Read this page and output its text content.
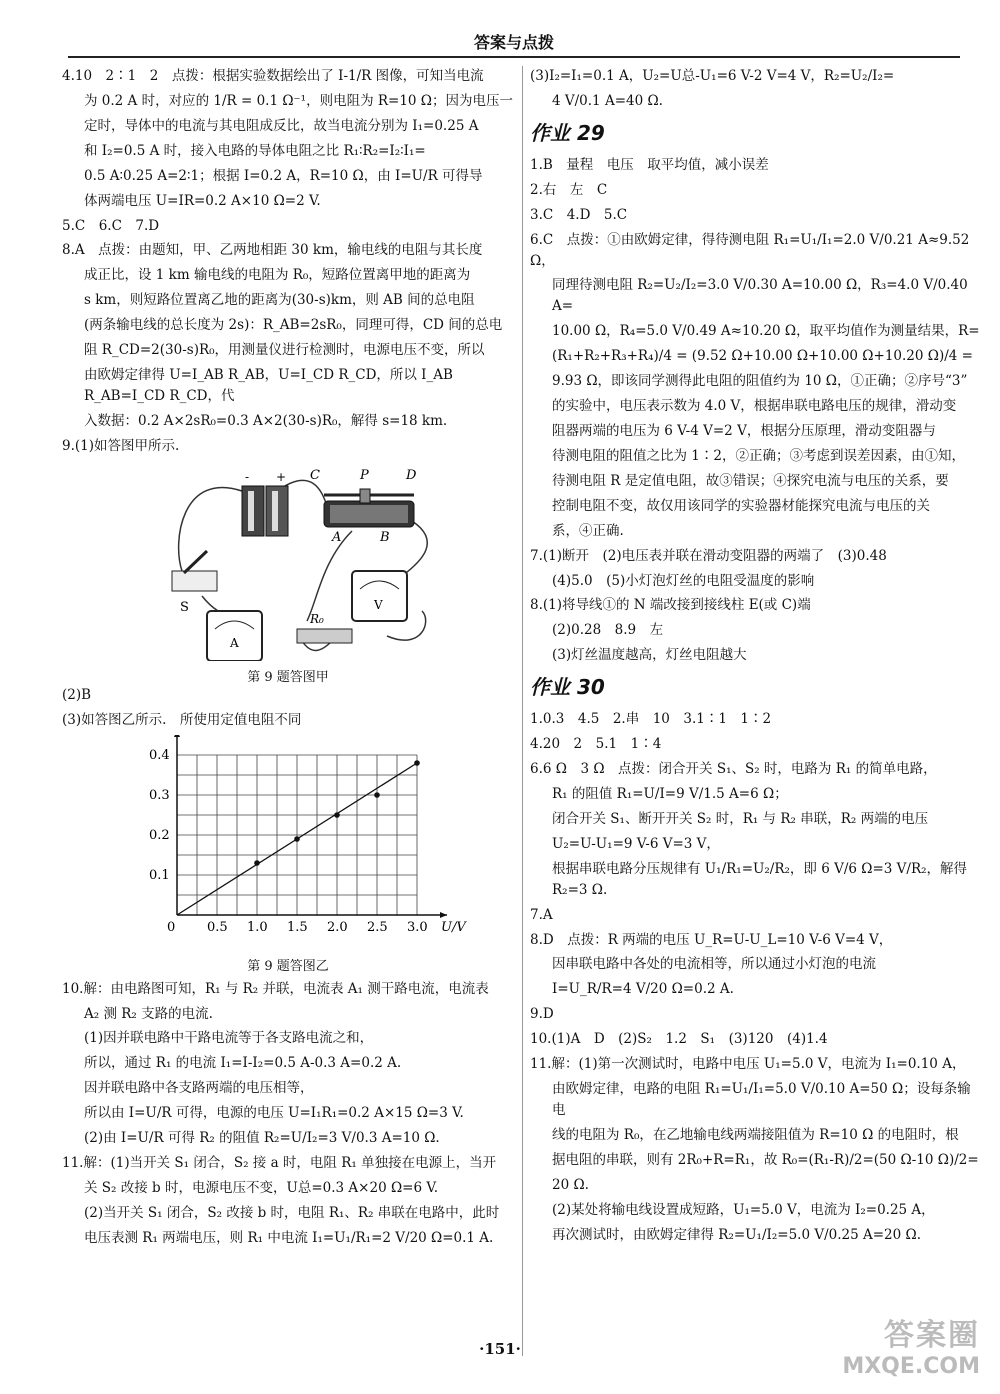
答案与点拨

4.10　2∶1　2　点拨：根据实验数据绘出了 I-1/R 图像，可知当电流

为 0.2 A 时，对应的 1/R = 0.1 Ω⁻¹，则电阻为 R=10 Ω；因为电压一

定时，导体中的电流与其电阻成反比，故当电流分别为 I₁=0.25 A

和 I₂=0.5 A 时，接入电路的导体电阻之比 R₁∶R₂=I₂∶I₁=

0.5 A∶0.25 A=2∶1；根据 I=0.2 A，R=10 Ω，由 I=U/R 可得导

体两端电压 U=IR=0.2 A×10 Ω=2 V.

5.C　6.C　7.D

8.A　点拨：由题知，甲、乙两地相距 30 km，输电线的电阻与其长度

成正比，设 1 km 输电线的电阻为 R₀，短路位置离甲地的距离为

s km，则短路位置离乙地的距离为(30-s)km，则 AB 间的总电阻

(两条输电线的总长度为 2s)：R_AB=2sR₀，同理可得，CD 间的总电

阻 R_CD=2(30-s)R₀，用测量仪进行检测时，电源电压不变，所以

由欧姆定律得 U=I_AB R_AB，U=I_CD R_CD，所以 I_AB R_AB=I_CD R_CD，代

入数据：0.2 A×2sR₀=0.3 A×2(30-s)R₀，解得 s=18 km.

9.(1)如答图甲所示.

- + C	P	D
A	B
S	V
A
R₀
第 9 题答图甲

(2)B

(3)如答图乙所示.　所使用定值电阻不同

0 0.5 1.0 1.5 2.0 2.5 3.0
0.1
0.2
0.3
0.4
U/V
第 9 题答图乙

10.解：由电路图可知，R₁ 与 R₂ 并联，电流表 A₁ 测干路电流，电流表

A₂ 测 R₂ 支路的电流.

(1)因并联电路中干路电流等于各支路电流之和，

所以，通过 R₁ 的电流 I₁=I-I₂=0.5 A-0.3 A=0.2 A.

因并联电路中各支路两端的电压相等，

所以由 I=U/R 可得，电源的电压 U=I₁R₁=0.2 A×15 Ω=3 V.

(2)由 I=U/R 可得 R₂ 的阻值 R₂=U/I₂=3 V/0.3 A=10 Ω.

11.解：(1)当开关 S₁ 闭合，S₂ 接 a 时，电阻 R₁ 单独接在电源上，当开

关 S₂ 改接 b 时，电源电压不变，U总=0.3 A×20 Ω=6 V.

(2)当开关 S₁ 闭合，S₂ 改接 b 时，电阻 R₁、R₂ 串联在电路中，此时

电压表测 R₁ 两端电压，则 R₁ 中电流 I₁=U₁/R₁=2 V/20 Ω=0.1 A.

(3)I₂=I₁=0.1 A，U₂=U总-U₁=6 V-2 V=4 V，R₂=U₂/I₂=

4 V/0.1 A=40 Ω.

作业 29

1.B　量程　电压　取平均值，减小误差

2.右　左　C

3.C　4.D　5.C

6.C　点拨：①由欧姆定律，得待测电阻 R₁=U₁/I₁=2.0 V/0.21 A≈9.52 Ω，

同理待测电阻 R₂=U₂/I₂=3.0 V/0.30 A=10.00 Ω，R₃=4.0 V/0.40 A=

10.00 Ω，R₄=5.0 V/0.49 A≈10.20 Ω，取平均值作为测量结果，R=

(R₁+R₂+R₃+R₄)/4 = (9.52 Ω+10.00 Ω+10.00 Ω+10.20 Ω)/4 =

9.93 Ω，即该同学测得此电阻的阻值约为 10 Ω，①正确；②序号“3”

的实验中，电压表示数为 4.0 V，根据串联电路电压的规律，滑动变

阻器两端的电压为 6 V-4 V=2 V，根据分压原理，滑动变阻器与

待测电阻的阻值之比为 1∶2，②正确；③考虑到误差因素，由①知，

待测电阻 R 是定值电阻，故③错误；④探究电流与电压的关系，要

控制电阻不变，故仅用该同学的实验器材能探究电流与电压的关

系，④正确.

7.(1)断开　(2)电压表并联在滑动变阻器的两端了　(3)0.48

(4)5.0　(5)小灯泡灯丝的电阻受温度的影响

8.(1)将导线①的 N 端改接到接线柱 E(或 C)端

(2)0.28　8.9　左

(3)灯丝温度越高，灯丝电阻越大

作业 30

1.0.3　4.5　2.串　10　3.1∶1　1∶2

4.20　2　5.1　1∶4

6.6 Ω　3 Ω　点拨：闭合开关 S₁、S₂ 时，电路为 R₁ 的简单电路，

R₁ 的阻值 R₁=U/I=9 V/1.5 A=6 Ω；

闭合开关 S₁、断开开关 S₂ 时，R₁ 与 R₂ 串联，R₂ 两端的电压

U₂=U-U₁=9 V-6 V=3 V，

根据串联电路分压规律有 U₁/R₁=U₂/R₂，即 6 V/6 Ω=3 V/R₂，解得 R₂=3 Ω.

7.A

8.D　点拨：R 两端的电压 U_R=U-U_L=10 V-6 V=4 V，

因串联电路中各处的电流相等，所以通过小灯泡的电流

I=U_R/R=4 V/20 Ω=0.2 A.

9.D

10.(1)A　D　(2)S₂　1.2　S₁　(3)120　(4)1.4

11.解：(1)第一次测试时，电路中电压 U₁=5.0 V，电流为 I₁=0.10 A，

由欧姆定律，电路的电阻 R₁=U₁/I₁=5.0 V/0.10 A=50 Ω；设每条输电

线的电阻为 R₀，在乙地输电线两端接阻值为 R=10 Ω 的电阻时，根

据电阻的串联，则有 2R₀+R=R₁，故 R₀=(R₁-R)/2=(50 Ω-10 Ω)/2=

20 Ω.

(2)某处将输电线设置成短路，U₁=5.0 V，电流为 I₂=0.25 A，

再次测试时，由欧姆定律得 R₂=U₁/I₂=5.0 V/0.25 A=20 Ω.

·151·	答案圈
MXQE.COM
